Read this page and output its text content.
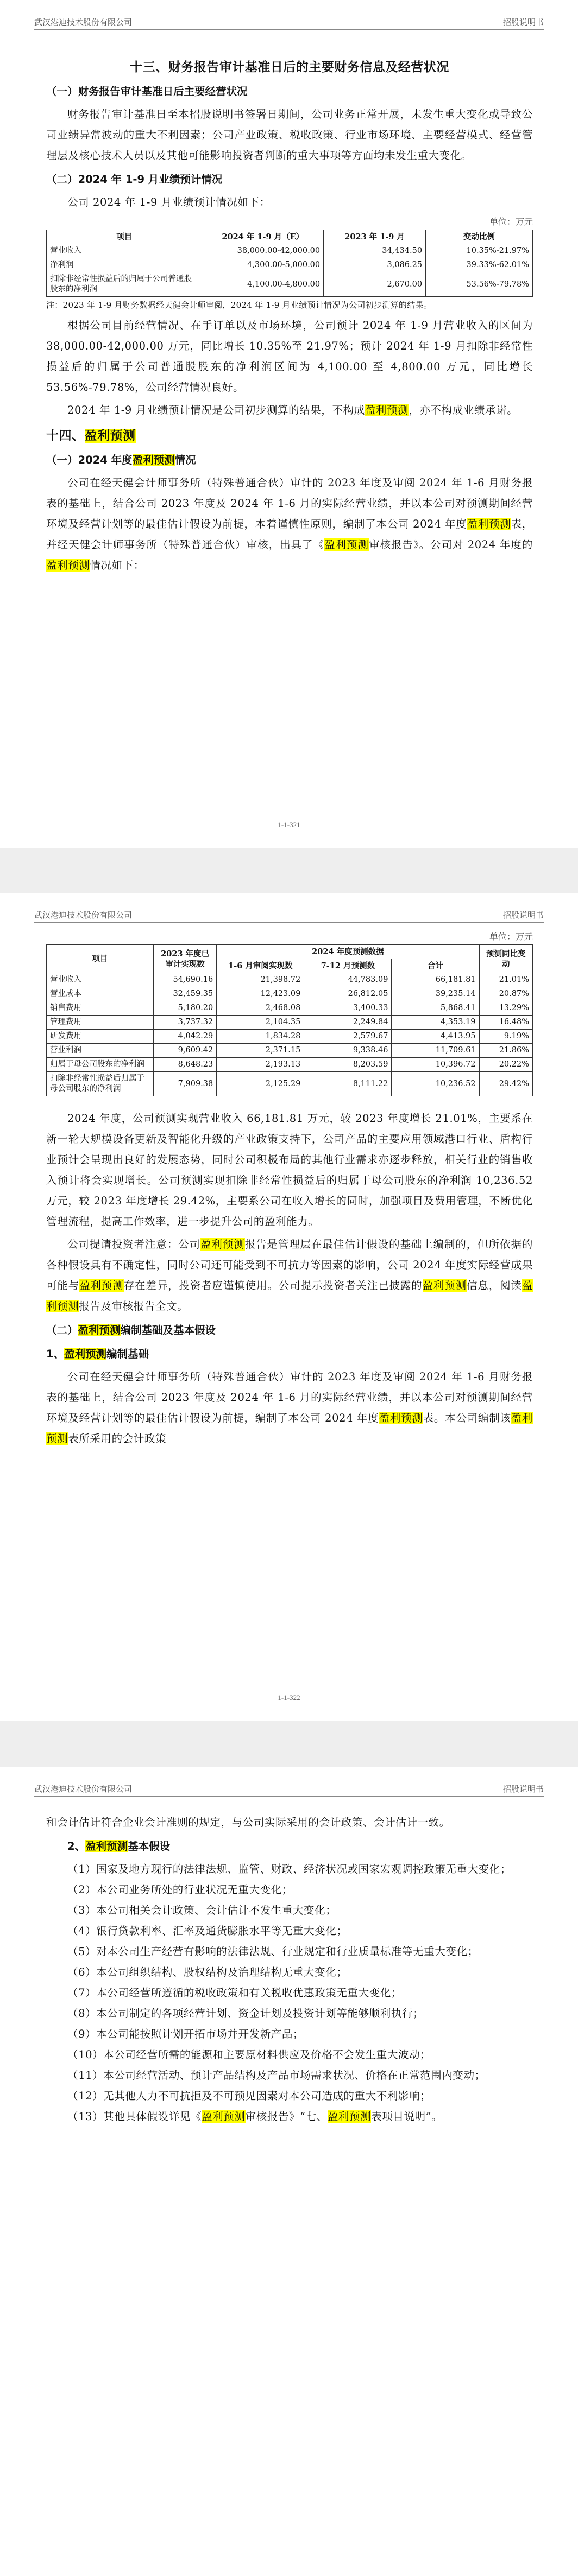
武汉港迪技术股份有限公司	招股说明书
十三、财务报告审计基准日后的主要财务信息及经营状况
（一）财务报告审计基准日后主要经营状况

财务报告审计基准日至本招股说明书签署日期间，公司业务正常开展，未发生重大变化或导致公司业绩异常波动的重大不利因素；公司产业政策、税收政策、行业市场环境、主要经营模式、经营管理层及核心技术人员以及其他可能影响投资者判断的重大事项等方面均未发生重大变化。

（二）2024 年 1-9 月业绩预计情况

公司 2024 年 1-9 月业绩预计情况如下：

单位：万元
项目	2024 年 1-9 月（E）	2023 年 1-9 月	变动比例
营业收入	38,000.00-42,000.00	34,434.50	10.35%-21.97%
净利润	4,300.00-5,000.00	3,086.25	39.33%-62.01%
扣除非经常性损益后的归属于公司普通股股东的净利润	4,100.00-4,800.00	2,670.00	53.56%-79.78%
注：2023 年 1-9 月财务数据经天健会计师审阅，2024 年 1-9 月业绩预计情况为公司初步测算的结果。

根据公司目前经营情况、在手订单以及市场环境，公司预计 2024 年 1-9 月营业收入的区间为 38,000.00-42,000.00 万元，同比增长 10.35%至 21.97%；预计 2024 年 1-9 月扣除非经常性损益后的归属于公司普通股股东的净利润区间为 4,100.00 至 4,800.00 万元，同比增长 53.56%-79.78%，公司经营情况良好。

2024 年 1-9 月业绩预计情况是公司初步测算的结果，不构成盈利预测，亦不构成业绩承诺。

十四、盈利预测
（一）2024 年度盈利预测情况

公司在经天健会计师事务所（特殊普通合伙）审计的 2023 年度及审阅 2024 年 1-6 月财务报表的基础上，结合公司 2023 年度及 2024 年 1-6 月的实际经营业绩，并以本公司对预测期间经营环境及经营计划等的最佳估计假设为前提，本着谨慎性原则，编制了本公司 2024 年度盈利预测表，并经天健会计师事务所（特殊普通合伙）审核，出具了《盈利预测审核报告》。公司对 2024 年度的盈利预测情况如下：

1-1-321
武汉港迪技术股份有限公司	招股说明书
单位：万元
项目	2023 年度已审计实现数	2024 年度预测数据			预测同比变动
		1-6 月审阅实现数	7-12 月预测数	合计	
营业收入	54,690.16	21,398.72	44,783.09	66,181.81	21.01%
营业成本	32,459.35	12,423.09	26,812.05	39,235.14	20.87%
销售费用	5,180.20	2,468.08	3,400.33	5,868.41	13.29%
管理费用	3,737.32	2,104.35	2,249.84	4,353.19	16.48%
研发费用	4,042.29	1,834.28	2,579.67	4,413.95	9.19%
营业利润	9,609.42	2,371.15	9,338.46	11,709.61	21.86%
归属于母公司股东的净利润	8,648.23	2,193.13	8,203.59	10,396.72	20.22%
扣除非经常性损益后归属于母公司股东的净利润	7,909.38	2,125.29	8,111.22	10,236.52	29.42%

2024 年度，公司预测实现营业收入 66,181.81 万元，较 2023 年度增长 21.01%，主要系在新一轮大规模设备更新及智能化升级的产业政策支持下，公司产品的主要应用领域港口行业、盾构行业预计会呈现出良好的发展态势，同时公司积极布局的其他行业需求亦逐步释放，相关行业的销售收入预计将会实现增长。公司预测实现扣除非经常性损益后的归属于母公司股东的净利润 10,236.52 万元，较 2023 年度增长 29.42%，主要系公司在收入增长的同时，加强项目及费用管理，不断优化管理流程，提高工作效率，进一步提升公司的盈利能力。

公司提请投资者注意：公司盈利预测报告是管理层在最佳估计假设的基础上编制的，但所依据的各种假设具有不确定性，同时公司还可能受到不可抗力等因素的影响，公司 2024 年度实际经营成果可能与盈利预测存在差异，投资者应谨慎使用。公司提示投资者关注已披露的盈利预测信息，阅读盈利预测报告及审核报告全文。

（二）盈利预测编制基础及基本假设
1、盈利预测编制基础

公司在经天健会计师事务所（特殊普通合伙）审计的 2023 年度及审阅 2024 年 1-6 月财务报表的基础上，结合公司 2023 年度及 2024 年 1-6 月的实际经营业绩，并以本公司对预测期间经营环境及经营计划等的最佳估计假设为前提，编制了本公司 2024 年度盈利预测表。本公司编制该盈利预测表所采用的会计政策

1-1-322
武汉港迪技术股份有限公司	招股说明书

和会计估计符合企业会计准则的规定，与公司实际采用的会计政策、会计估计一致。

2、盈利预测基本假设

（1）国家及地方现行的法律法规、监管、财政、经济状况或国家宏观调控政策无重大变化；

（2）本公司业务所处的行业状况无重大变化；

（3）本公司相关会计政策、会计估计不发生重大变化；

（4）银行贷款利率、汇率及通货膨胀水平等无重大变化；

（5）对本公司生产经营有影响的法律法规、行业规定和行业质量标准等无重大变化；

（6）本公司组织结构、股权结构及治理结构无重大变化；

（7）本公司经营所遵循的税收政策和有关税收优惠政策无重大变化；

（8）本公司制定的各项经营计划、资金计划及投资计划等能够顺利执行；

（9）本公司能按照计划开拓市场并开发新产品；

（10）本公司经营所需的能源和主要原材料供应及价格不会发生重大波动；

（11）本公司经营活动、预计产品结构及产品市场需求状况、价格在正常范围内变动；

（12）无其他人力不可抗拒及不可预见因素对本公司造成的重大不利影响；

（13）其他具体假设详见《盈利预测审核报告》“七、盈利预测表项目说明”。
